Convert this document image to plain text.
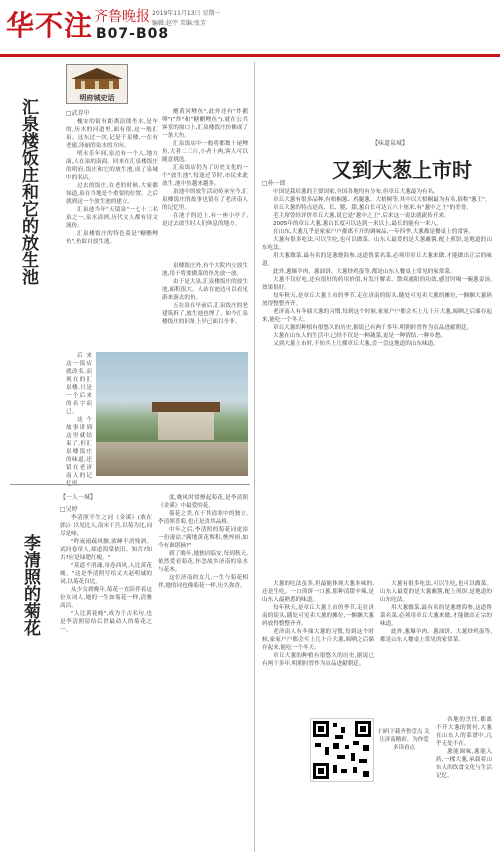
华不注 齐鲁晚报 2019年11月13日 星期一
编辑:赵宇 美编:张芳
B07-B08
明府城史话
汇泉楼饭庄和它的放生池	□武存中

槐安的街有距离浪郎坐水,是车的,历水的河道里,面有很,这一般汇泉。这东过一次,记是千泉楼,一在有老旅,泽丽的泉水的方向。

明永乐年间,泉边有一个人,地方面,人在泉的南面。回来在汇泉楼饭庄的明府,饭庄和它的放生池,成了泉城中的名店。

过去的饭庄,在老的时候,大家都知道,泉在当地是个重要的位置。之后就到这一个放生池的建立。

汇泉池当年"天镜泉"一七十二名泉之一,泉水清冽,历代文人都有诗文流传。

汇泉楼饭庄的特色菜是"糖醋鲤鱼",鱼取自放生池。

醋黄河鲤鱼",此外还有"炸鹅卵"("炸"和"糖醋鲤鱼"),就在公共客堂的窗口上,汇泉楼饭庄仿佛成了一条大鱼。

汇泉饭店中一般将都数十尾鲤鱼,大者二三斤,小者十两,客人可以随意挑选。

汇泉饭店仍为了历史文化的一个"放生池",每逢过节时,市民来此放生,池中鱼越来越多。

泉池中的放生活动传承至今,汇泉楼饭庄的故事也留在了老济南人的记忆里。

在池子的边上,有一座小亭子,是过去放生时人们休息的地方。

泉楼饭庄外,有个大院内立放生池,用于将要做菜的鱼先放一放。

由于是大泉,汇泉楼饭庄的放生池,面积很大。人站在池边可以看见游来游去的鱼。

五在泉在早前后,汇泉饭庄的老建筑拆了,放生池也埋了。如今汇泉楼饭庄的旧址上早已面目全非。

后来这一饭店就改名,而现在的汇泉楼,只是一个后来的名字而已。

这个故事讲到这里就结束了,但汇泉楼饭庄的味道,还留在老济南人的记

【一人一城】
李清照的菊花
□吴婷

李清照平生之词《金溪》(收在郭)》以见比人,南宋千宫,以菊为比,词尽是咏。

"昨夜雨疏风骤,浓睡不消残酒。试问卷帘人,却道海棠依旧。知否?知否?应是绿肥红瘦。"

"莫道不消魂,帘卷西风,人比黄花瘦。"这是李清照写给丈夫赵明诚的词,以菊花自比。

从少女到晚年,菊花一直陪伴着这位女词人,她的一生如菊花一样,清雅高洁。

"人比黄花瘦",成为千古名句,也是李清照留给后世最动人的菊花之一。

度,晚风时常撩起菊花,是李清照《金溪》中最爱的花。

菊花之美,在于其清寒中的独立,李清照喜菊,也正是喜其品格。

中年之后,李清照的菊花词更添一份凄凉,"满地黄花堆积,憔悴损,如今有谁堪摘?"

到了晚年,她独居临安,每到秋天,依然爱看菊花,怀念故乡济南的泉水与花木。

这位济南的女儿,一生与菊花相伴,她的词也像菊花一样,历久弥香。

【味道泉城】
又到大葱上市时
□孙一郎

中国是栽培葱的主要国家,全国各地均有分布,但章丘大葱最为有名。

章丘大葱有很多品种,有梧桐葱、鸡腿葱、大梧桐等,其中以大梧桐最为有名,俗称"葱王"。

章丘大葱的特点是高、长、脆、甜,葱白长可达五六十厘米,有"葱中之王"的美誉。

毛主席曾经评价章丘大葱,说它是"葱中之王",后来这一说法就流传开来。

2005年的章丘大葱,葱白长度可以达到一米以上,最长的能有一米八。

在山东,大葱几乎是家家户户都离不开的调味品,一年四季,大葱都是餐桌上的常客。

大葱有很多吃法,可以生吃,也可以做菜。山东人最爱的是大葱蘸酱,配上煎饼,是地道的山东吃法。

用大葱做菜,最有名的是葱烧海参,这道鲁菜名菜,必须用章丘大葱来做,才能做出正宗的味道。

此外,葱爆羊肉、葱油饼、大葱炒鸡蛋等,都是山东人餐桌上常见的家常菜。

大葱不仅好吃,还有很好的药用价值,有发汗解表、散寒通阳的功效,感冒时喝一碗葱姜汤,效果很好。

每年秋天,是章丘大葱上市的季节,走在济南的街头,随处可见卖大葱的摊位,一捆捆大葱码放得整整齐齐。

老济南人有冬储大葱的习惯,每到这个时候,家家户户都会买上几十斤大葱,晾晒之后储存起来,能吃一个冬天。

章丘大葱的种植有很悠久的历史,据说已有两千多年,明朝时曾作为贡品进献朝廷。

大葱在山东人的生活中,已经不仅是一种蔬菜,更是一种情结,一种乡愁。

又到大葱上市时,不妨买上几棵章丘大葱,尝一尝这地道的山东味道。

大葱的吃法虽多,但最能体现大葱本味的,还是生吃。一口煎饼一口葱,那种清甜辛辣,是山东人最熟悉的味道。

每年秋天,是章丘大葱上市的季节,走在济南的街头,随处可见卖大葱的摊位,一捆捆大葱码放得整整齐齐。

老济南人有冬储大葱的习惯,每到这个时候,家家户户都会买上几十斤大葱,晾晒之后储存起来,能吃一个冬天。

章丘大葱的种植有很悠久的历史,据说已有两千多年,明朝时曾作为贡品进献朝廷。

大葱有很多吃法,可以生吃,也可以做菜。山东人最爱的是大葱蘸酱,配上煎饼,是地道的山东吃法。

用大葱做菜,最有名的是葱烧海参,这道鲁菜名菜,必须用章丘大葱来做,才能做出正宗的味道。

此外,葱爆羊肉、葱油饼、大葱炒鸡蛋等,都是山东人餐桌上常见的家常菜。

扫码下载齐鲁壹点 关注济南精彩。为你爱多读看点

各地的烹饪,都离不开大葱的帮衬,大葱在山东人的菜谱中,几乎无处不在。

葱能调味,葱能入药,一棵大葱,承载着山东人的饮食文化与生活记忆。
